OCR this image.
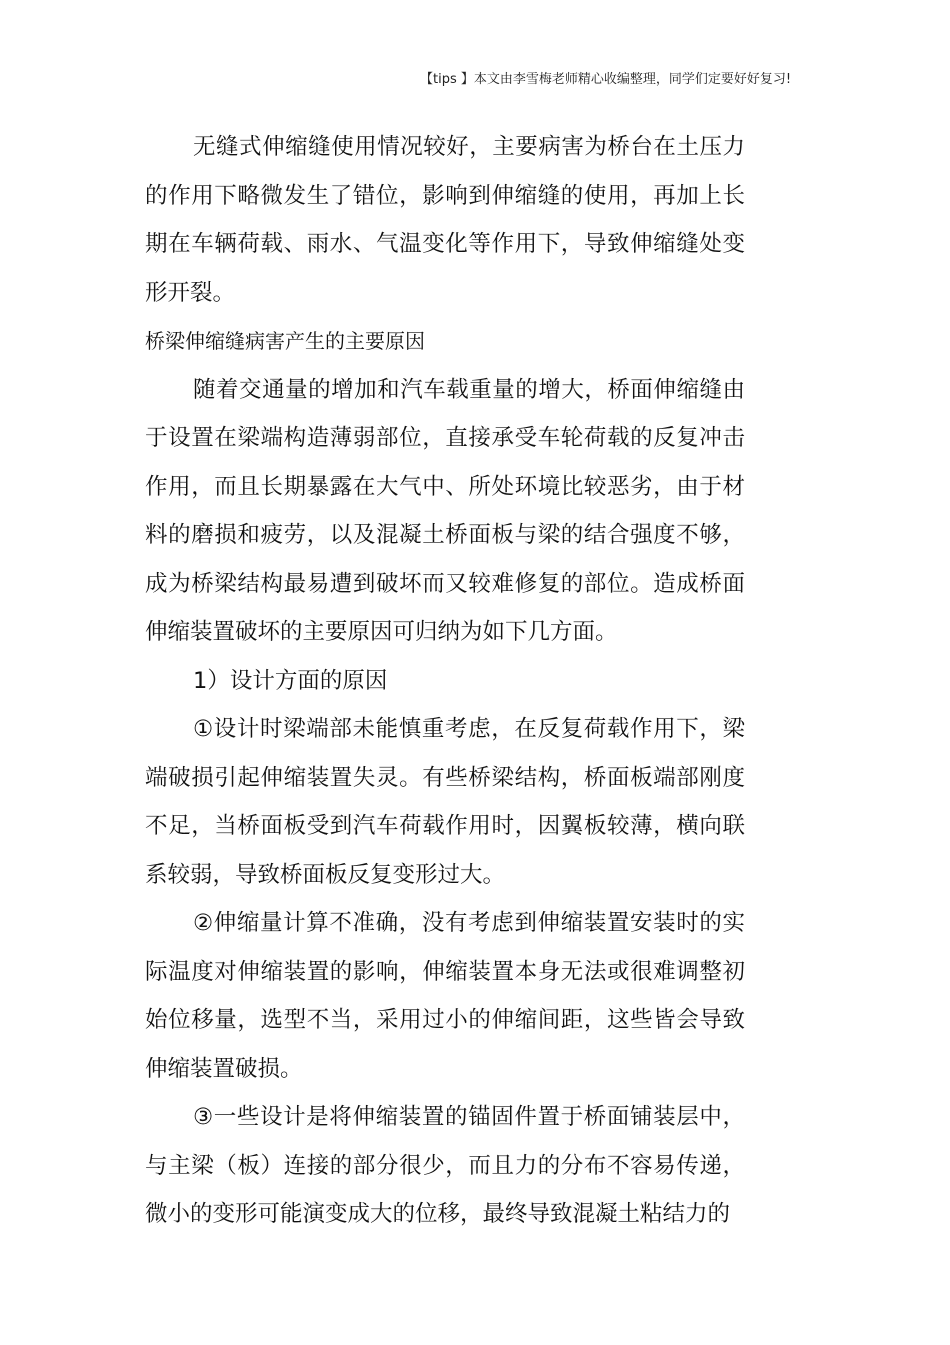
【tips 】本文由李雪梅老师精心收编整理，同学们定要好好复习!

无缝式伸缩缝使用情况较好，主要病害为桥台在土压力的作用下略微发生了错位，影响到伸缩缝的使用，再加上长期在车辆荷载、雨水、气温变化等作用下，导致伸缩缝处变形开裂。

桥梁伸缩缝病害产生的主要原因

随着交通量的增加和汽车载重量的增大，桥面伸缩缝由于设置在梁端构造薄弱部位，直接承受车轮荷载的反复冲击作用，而且长期暴露在大气中、所处环境比较恶劣，由于材料的磨损和疲劳，以及混凝土桥面板与梁的结合强度不够，成为桥梁结构最易遭到破坏而又较难修复的部位。造成桥面伸缩装置破坏的主要原因可归纳为如下几方面。

1）设计方面的原因

①设计时梁端部未能慎重考虑，在反复荷载作用下，梁端破损引起伸缩装置失灵。有些桥梁结构，桥面板端部刚度不足，当桥面板受到汽车荷载作用时，因翼板较薄，横向联系较弱，导致桥面板反复变形过大。

②伸缩量计算不准确，没有考虑到伸缩装置安装时的实际温度对伸缩装置的影响，伸缩装置本身无法或很难调整初始位移量，选型不当，采用过小的伸缩间距，这些皆会导致伸缩装置破损。

③一些设计是将伸缩装置的锚固件置于桥面铺装层中，与主梁（板）连接的部分很少，而且力的分布不容易传递，微小的变形可能演变成大的位移，最终导致混凝土粘结力的
